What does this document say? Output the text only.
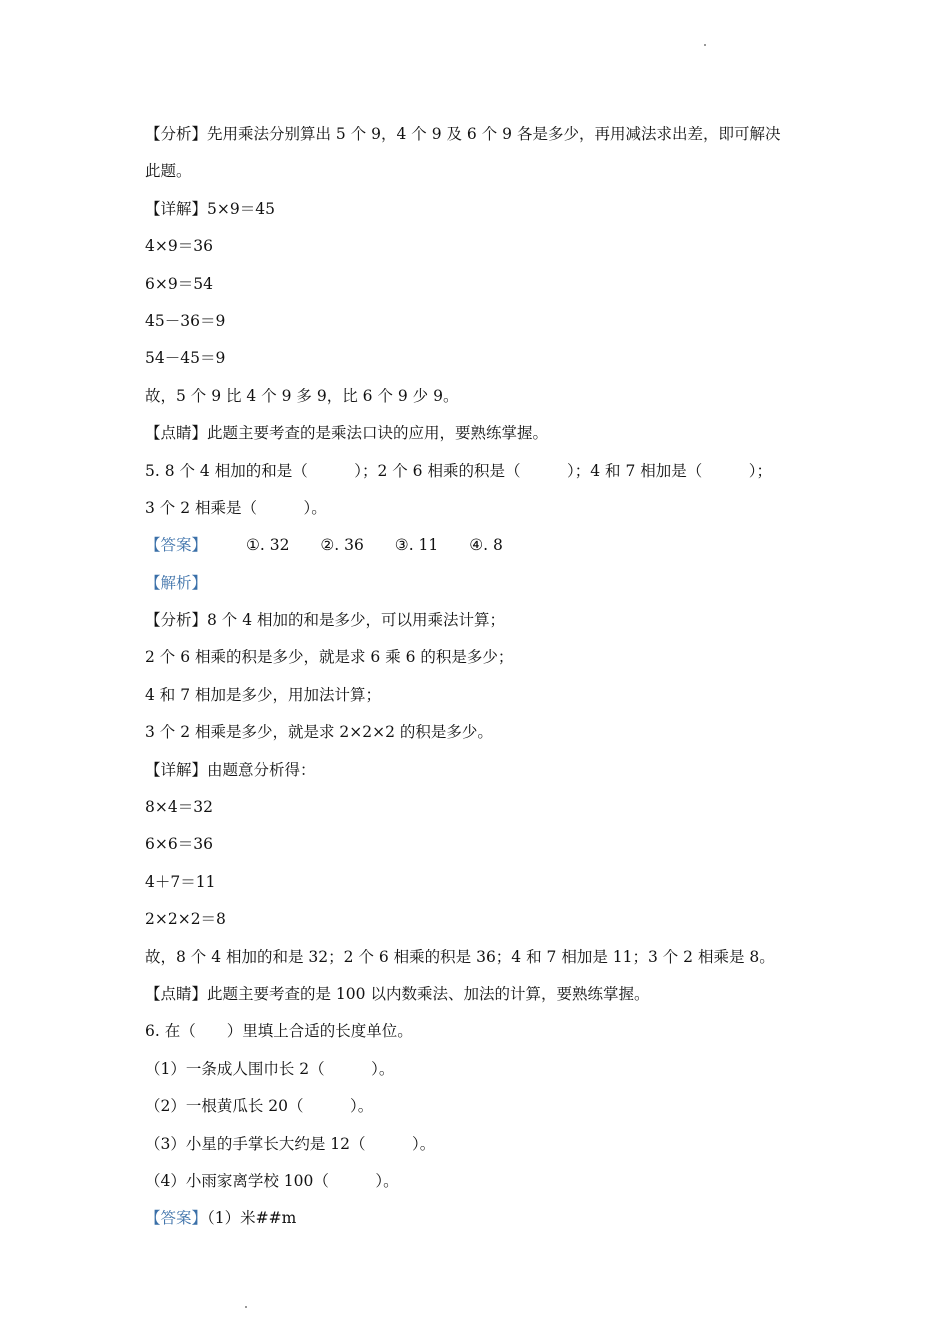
【分析】先用乘法分别算出 5 个 9，4 个 9 及 6 个 9 各是多少，再用减法求出差，即可解决
此题。
【详解】5×9＝45
4×9＝36
6×9＝54
45－36＝9
54－45＝9
故，5 个 9 比 4 个 9 多 9，比 6 个 9 少 9。
【点睛】此题主要考查的是乘法口诀的应用，要熟练掌握。
5. 8 个 4 相加的和是（　　　）；2 个 6 相乘的积是（　　　）；4 和 7 相加是（　　　）；
3 个 2 相乘是（　　　）。
【答案】	①. 32 ②. 36 ③. 11 ④. 8
【解析】
【分析】8 个 4 相加的和是多少，可以用乘法计算；
2 个 6 相乘的积是多少，就是求 6 乘 6 的积是多少；
4 和 7 相加是多少，用加法计算；
3 个 2 相乘是多少，就是求 2×2×2 的积是多少。
【详解】由题意分析得：
8×4＝32
6×6＝36
4＋7＝11
2×2×2＝8
故，8 个 4 相加的和是 32；2 个 6 相乘的积是 36；4 和 7 相加是 11；3 个 2 相乘是 8。
【点睛】此题主要考查的是 100 以内数乘法、加法的计算，要熟练掌握。
6. 在（　　）里填上合适的长度单位。
（1）一条成人围巾长 2（　　　）。
（2）一根黄瓜长 20（　　　）。
（3）小星的手掌长大约是 12（　　　）。
（4）小雨家离学校 100（　　　）。
【答案】（1）米##m
